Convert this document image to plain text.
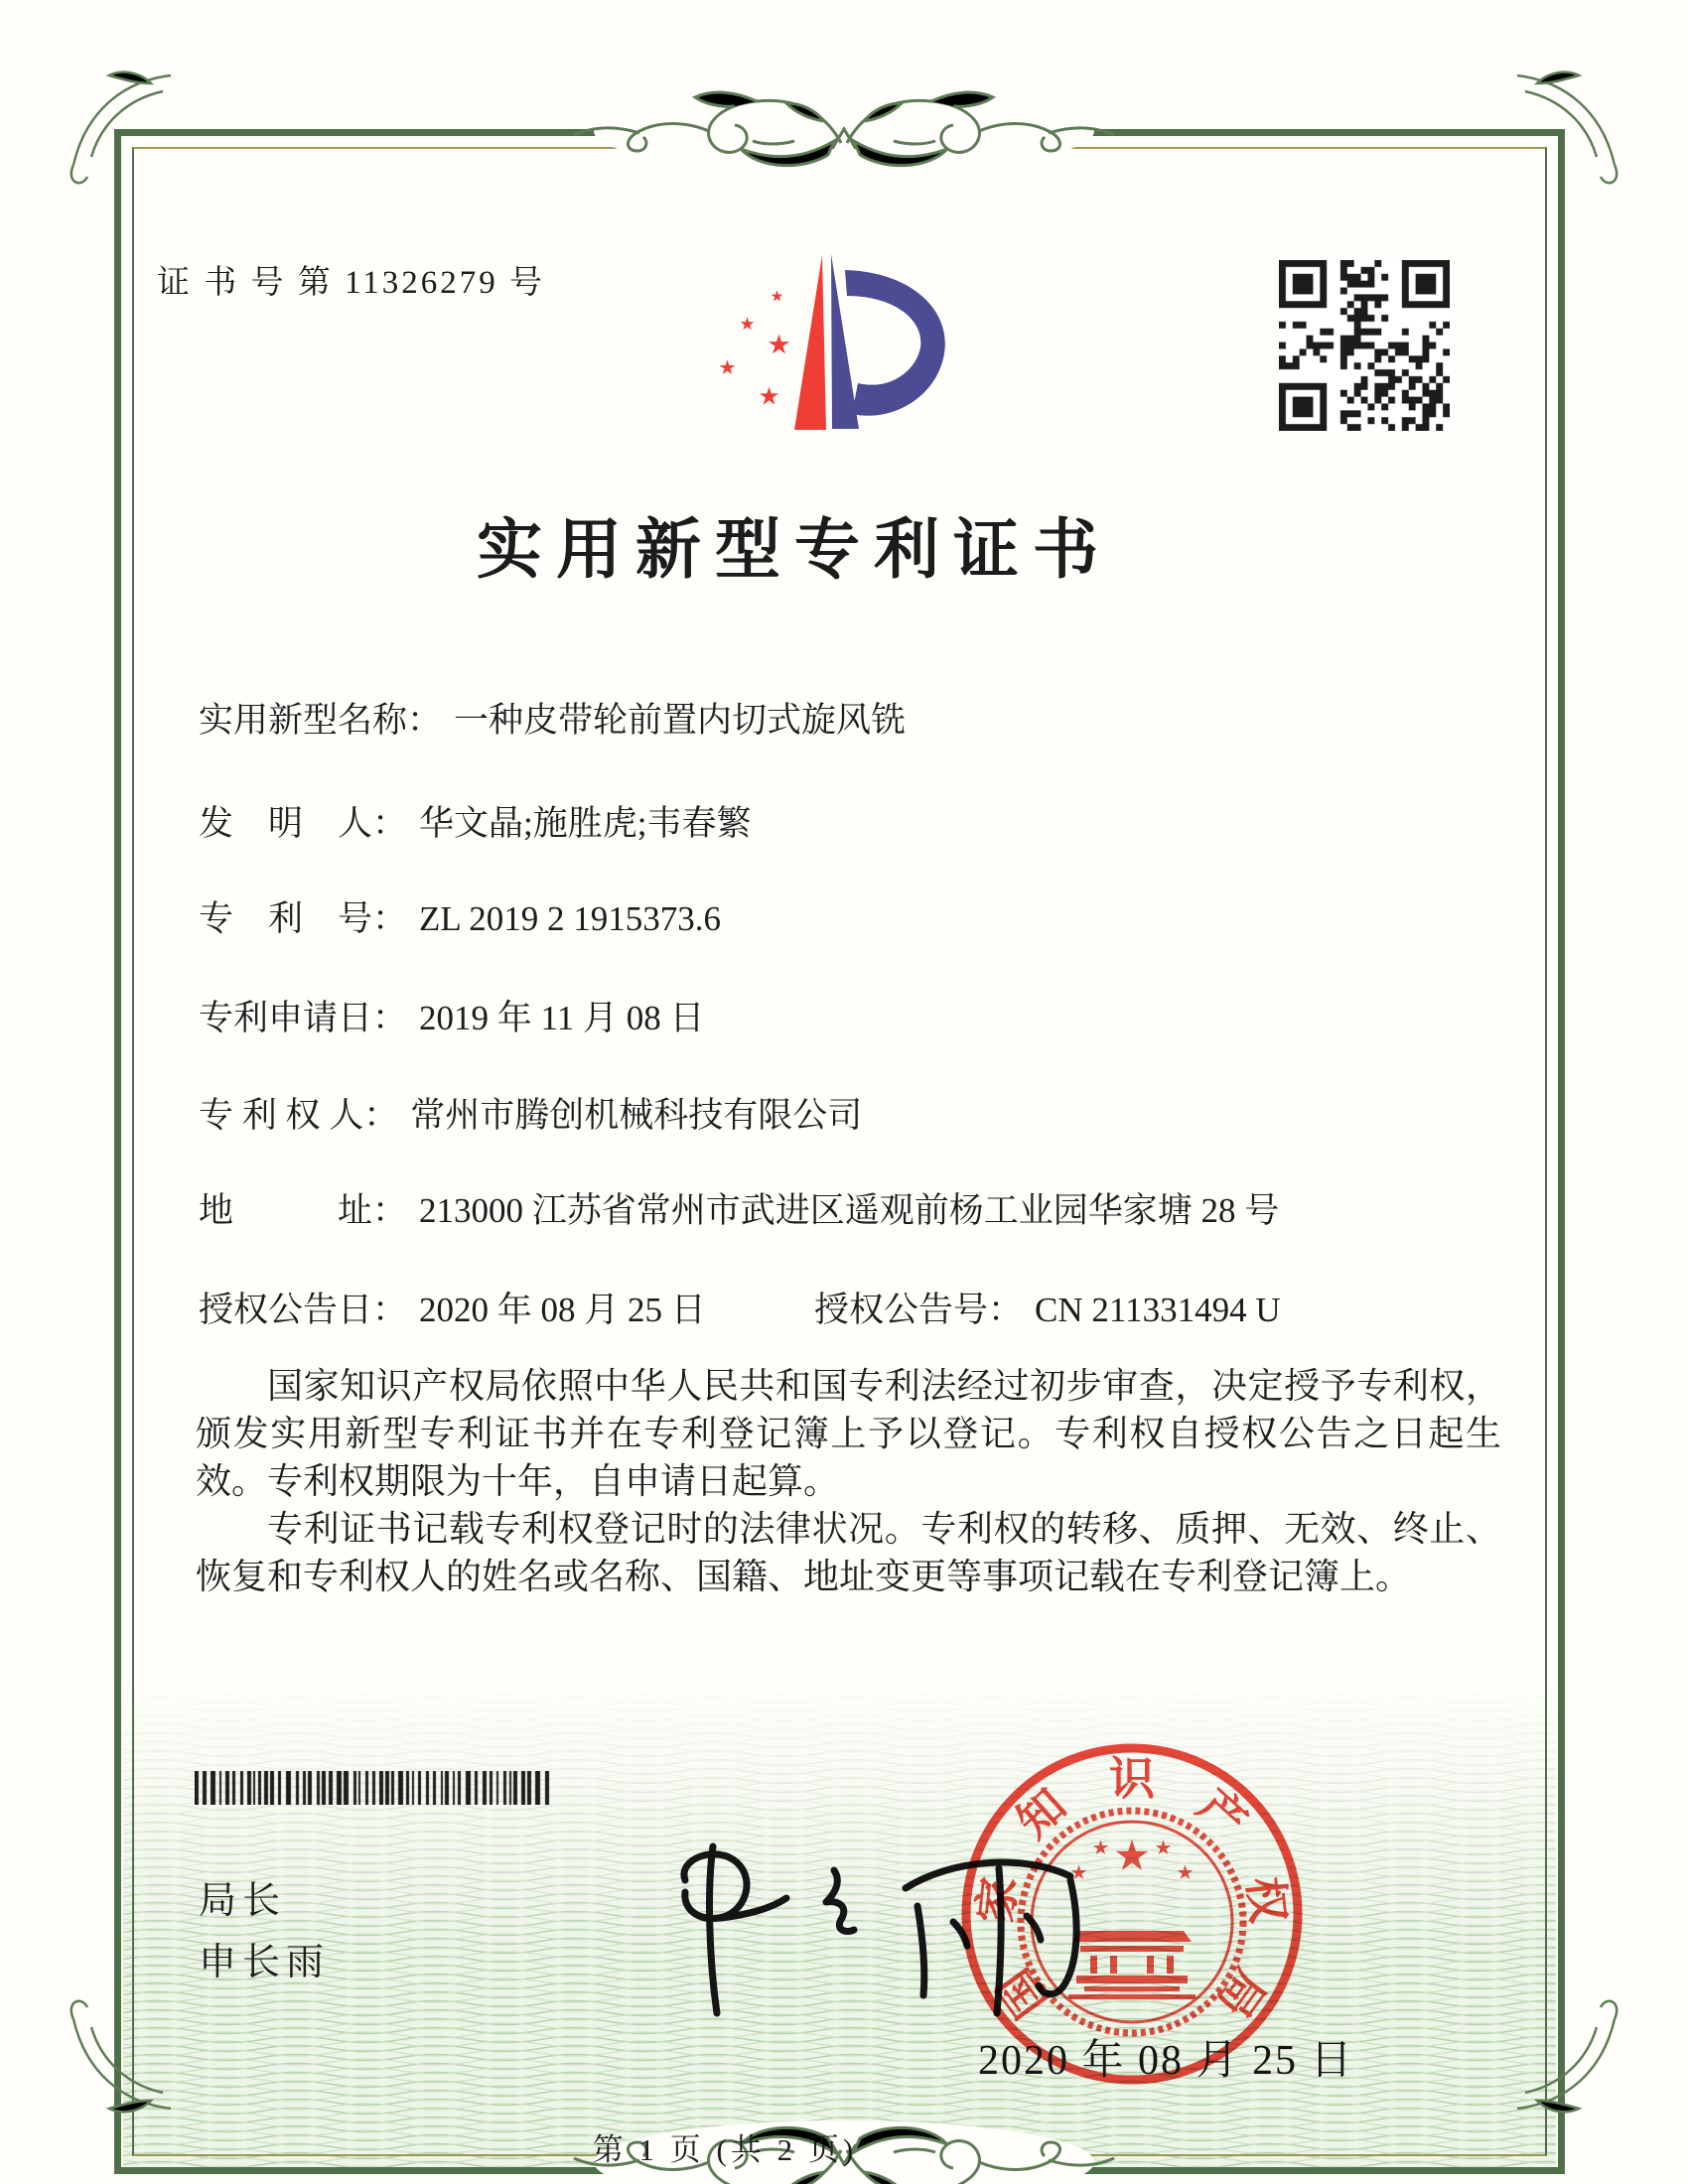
证 书 号 第 11326279 号
实用新型专利证书
实用新型名称： 一种皮带轮前置内切式旋风铣
发　明　人： 华文晶;施胜虎;韦春繁
专　利　号： ZL 2019 2 1915373.6
专利申请日： 2019 年 11 月 08 日
专 利 权 人： 常州市腾创机械科技有限公司
地　　　址： 213000 江苏省常州市武进区遥观前杨工业园华家塘 28 号
授权公告日： 2020 年 08 月 25 日	授权公告号： CN 211331494 U

国家知识产权局依照中华人民共和国专利法经过初步审查，决定授予专利权，颁发实用新型专利证书并在专利登记簿上予以登记。专利权自授权公告之日起生效。专利权期限为十年，自申请日起算。

专利证书记载专利权登记时的法律状况。专利权的转移、质押、无效、终止、恢复和专利权人的姓名或名称、国籍、地址变更等事项记载在专利登记簿上。

局长
申长雨	国
家
知
识
产
权
局
2020 年 08 月 25 日
第 1 页 (共 2 页)
